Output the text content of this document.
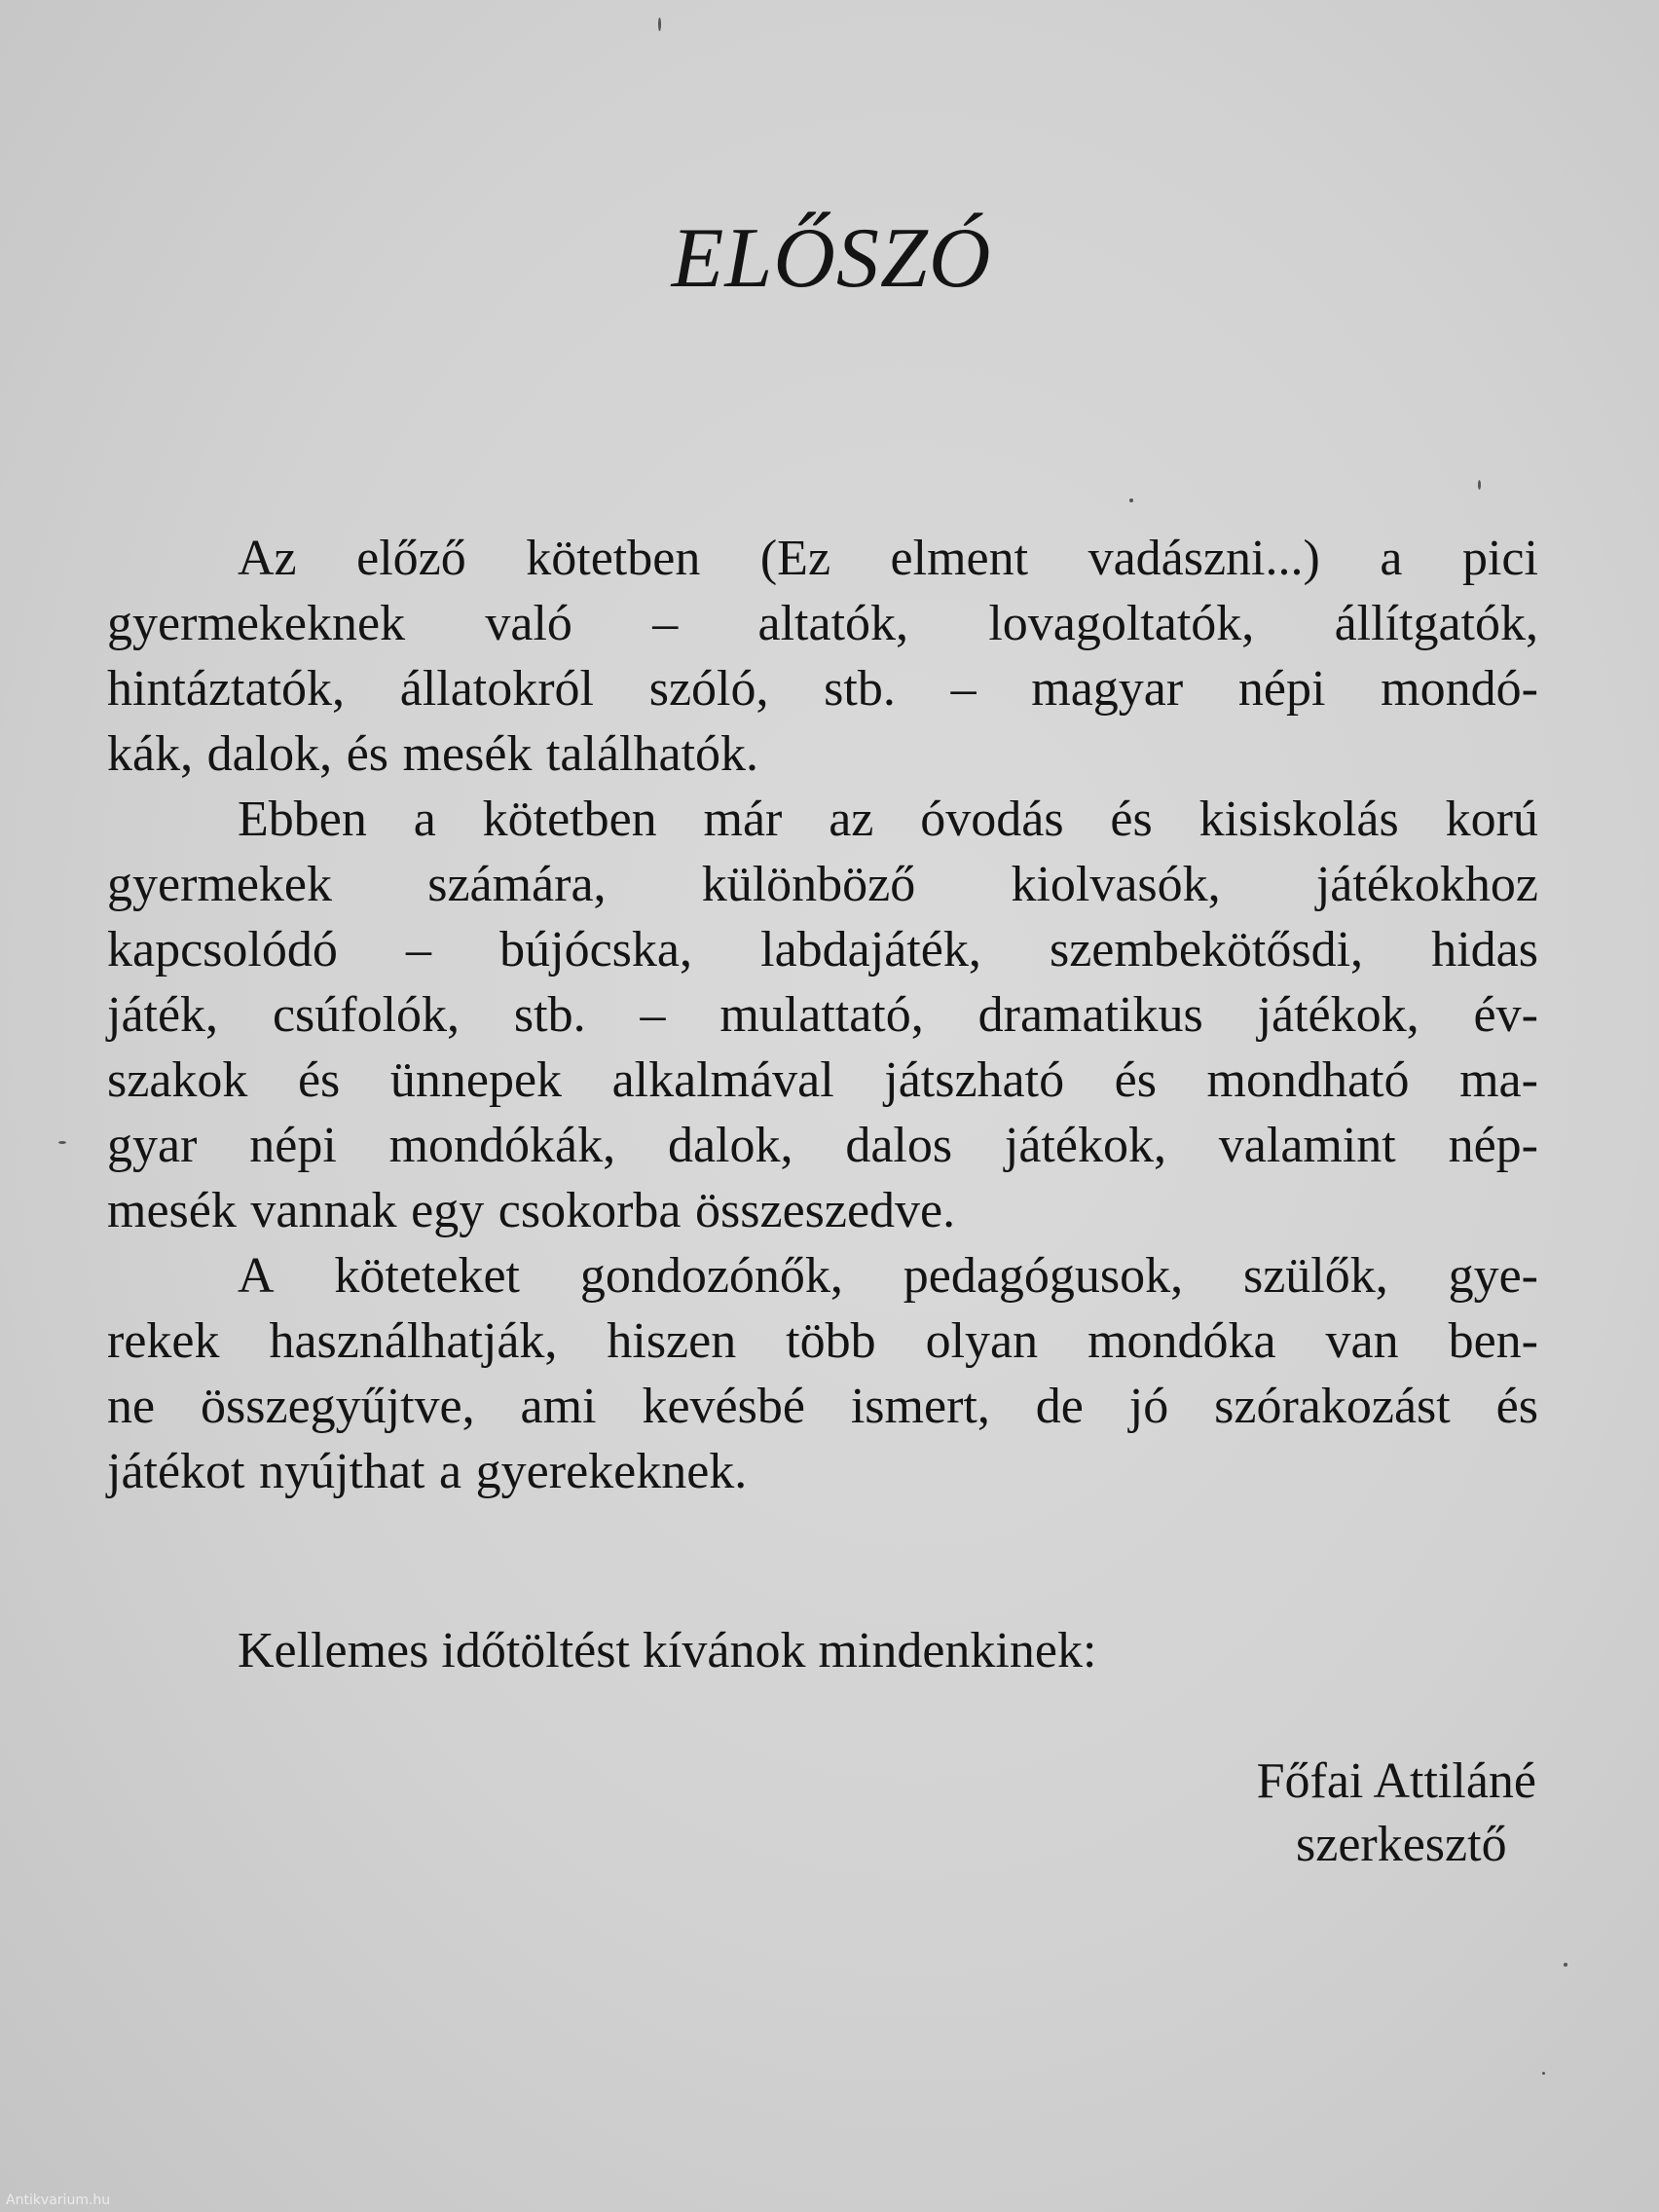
ELŐSZÓ
Az előző kötetben (Ez elment vadászni...) a pici
gyermekeknek való – altatók, lovagoltatók, állítgatók,
hintáztatók, állatokról szóló, stb. – magyar népi mondó-
kák, dalok, és mesék találhatók.
Ebben a kötetben már az óvodás és kisiskolás korú
gyermekek számára, különböző kiolvasók, játékokhoz
kapcsolódó – bújócska, labdajáték, szembekötősdi, hidas
játék, csúfolók, stb. – mulattató, dramatikus játékok, év-
szakok és ünnepek alkalmával játszható és mondható ma-
gyar népi mondókák, dalok, dalos játékok, valamint nép-
mesék vannak egy csokorba összeszedve.
A köteteket gondozónők, pedagógusok, szülők, gye-
rekek használhatják, hiszen több olyan mondóka van ben-
ne összegyűjtve, ami kevésbé ismert, de jó szórakozást és
játékot nyújthat a gyerekeknek.
Kellemes időtöltést kívánok mindenkinek:
Főfai Attiláné
szerkesztő
Antikvarium.hu
